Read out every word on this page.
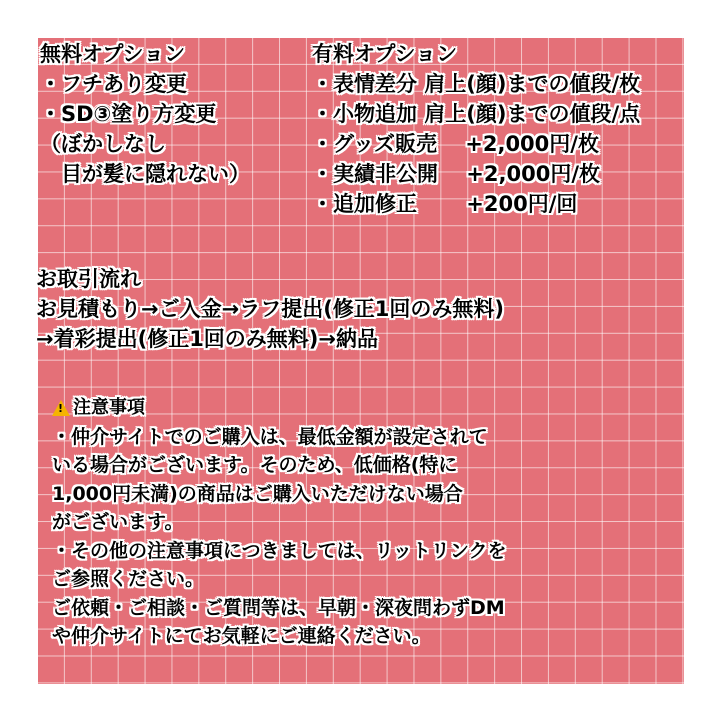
無料オプション
・フチあり変更
・SD③塗り方変更
（ぼかしなし
　目が髪に隠れない）
有料オプション
・表情差分 肩上(顔)までの値段/枚
・小物追加 肩上(顔)までの値段/点
・グッズ販売　 +2,000円/枚
・実績非公開　 +2,000円/枚
・追加修正　　 +200円/回
お取引流れ
お見積もり→ご入金→ラフ提出(修正1回のみ無料)
→着彩提出(修正1回のみ無料)→納品
!
注意事項
・仲介サイトでのご購入は、最低金額が設定されて
いる場合がございます。そのため、低価格(特に
1,000円未満)の商品はご購入いただけない場合
がございます。
・その他の注意事項につきましては、リットリンクを
ご参照ください。
ご依頼・ご相談・ご質問等は、早朝・深夜問わずDM
や仲介サイトにてお気軽にご連絡ください。
